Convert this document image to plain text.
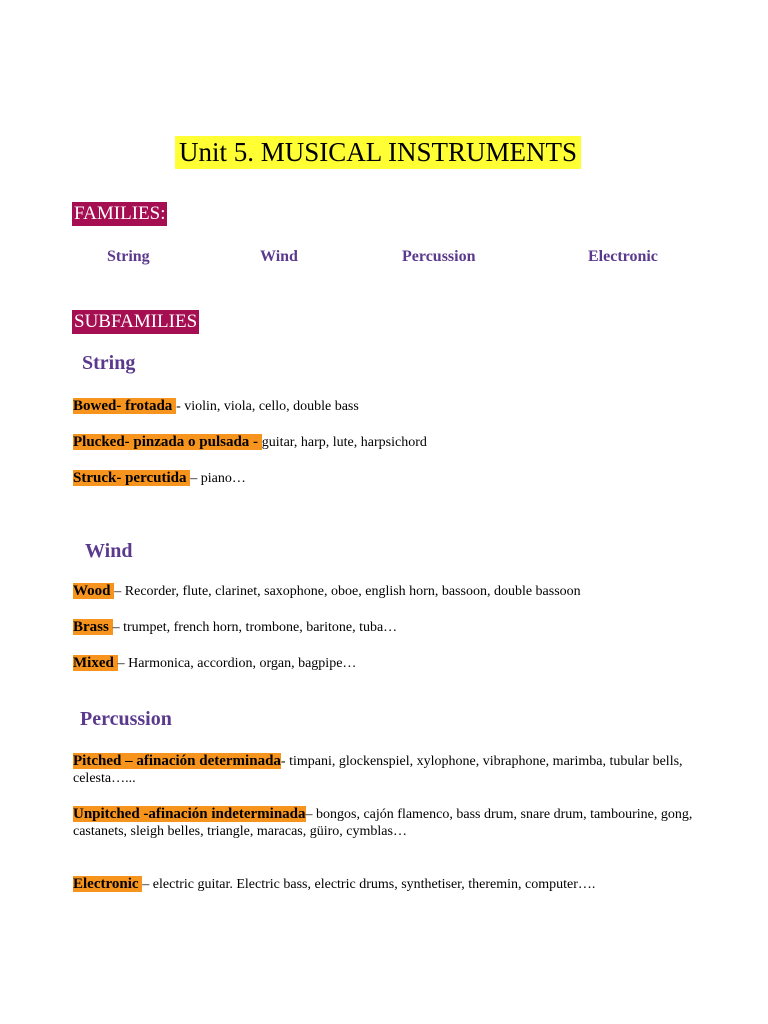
Unit 5. MUSICAL INSTRUMENTS
FAMILIES:
String	Wind	Percussion	Electronic
SUBFAMILIES
String
Bowed- frotada - violin, viola, cello, double bass
Plucked- pinzada o pulsada - guitar, harp, lute, harpsichord
Struck- percutida – piano…
Wind
Wood – Recorder, flute, clarinet, saxophone, oboe, english horn, bassoon, double bassoon
Brass – trumpet, french horn, trombone, baritone, tuba…
Mixed – Harmonica, accordion, organ, bagpipe…
Percussion
Pitched – afinación determinada- timpani, glockenspiel, xylophone, vibraphone, marimba, tubular bells, celesta…...
Unpitched -afinación indeterminada– bongos, cajón flamenco, bass drum, snare drum, tambourine, gong, castanets, sleigh belles, triangle, maracas, güiro, cymblas…
Electronic – electric guitar. Electric bass, electric drums, synthetiser, theremin, computer….
